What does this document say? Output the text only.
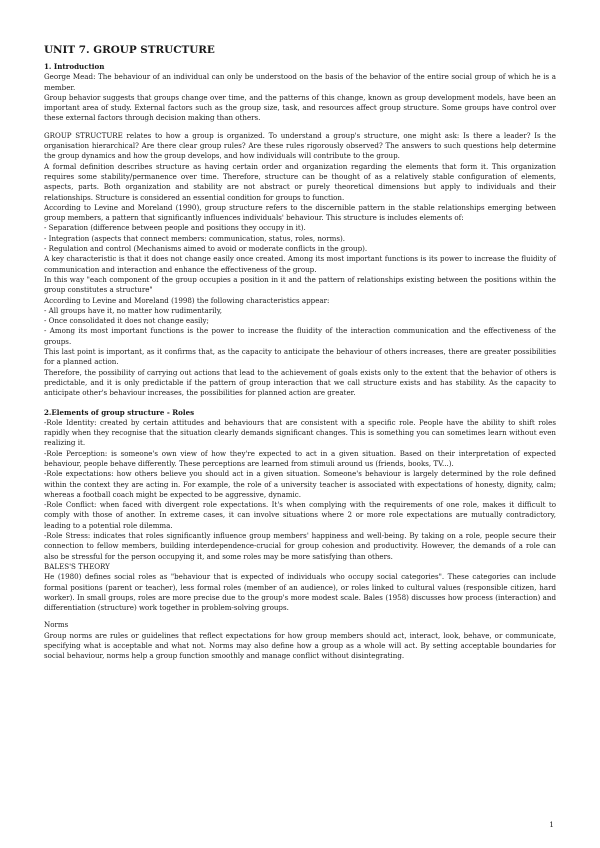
UNIT 7. GROUP STRUCTURE
1. Introduction

George Mead: The behaviour of an individual can only be understood on the basis of the behavior of the entire social group of which he is a member.

Group behavior suggests that groups change over time, and the patterns of this change, known as group development models, have been an important area of study. External factors such as the group size, task, and resources affect group structure. Some groups have control over these external factors through decision making than others.

GROUP STRUCTURE relates to how a group is organized. To understand a group's structure, one might ask: Is there a leader? Is the organisation hierarchical? Are there clear group rules? Are these rules rigorously observed? The answers to such questions help determine the group dynamics and how the group develops, and how individuals will contribute to the group.

A formal definition describes structure as having certain order and organization regarding the elements that form it. This organization requires some stability/permanence over time. Therefore, structure can be thought of as a relatively stable configuration of elements, aspects, parts. Both organization and stability are not abstract or purely theoretical dimensions but apply to individuals and their relationships. Structure is considered an essential condition for groups to function.

According to Levine and Moreland (1990), group structure refers to the discernible pattern in the stable relationships emerging between group members, a pattern that significantly influences individuals' behaviour. This structure is includes elements of:

- Separation (difference between people and positions they occupy in it).

- Integration (aspects that connect members: communication, status, roles, norms).

- Regulation and control (Mechanisms aimed to avoid or moderate conflicts in the group).

A key characteristic is that it does not change easily once created. Among its most important functions is its power to increase the fluidity of communication and interaction and enhance the effectiveness of the group.

In this way "each component of the group occupies a position in it and the pattern of relationships existing between the positions within the group constitutes a structure"

According to Levine and Moreland (1998) the following characteristics appear:

- All groups have it, no matter how rudimentarily,

- Once consolidated it does not change easily;

- Among its most important functions is the power to increase the fluidity of the interaction communication and the effectiveness of the groups.

This last point is important, as it confirms that, as the capacity to anticipate the behaviour of others increases, there are greater possibilities for a planned action.

Therefore, the possibility of carrying out actions that lead to the achievement of goals exists only to the extent that the behavior of others is predictable, and it is only predictable if the pattern of group interaction that we call structure exists and has stability. As the capacity to anticipate other's behaviour increases, the possibilities for planned action are greater.

2.Elements of group structure - Roles

-Role Identity: created by certain attitudes and behaviours that are consistent with a specific role. People have the ability to shift roles rapidly when they recognise that the situation clearly demands significant changes. This is something you can sometimes learn without even realizing it.

-Role Perception: is someone's own view of how they're expected to act in a given situation. Based on their interpretation of expected behaviour, people behave differently. These perceptions are learned from stimuli around us (friends, books, TV...).

-Role expectations: how others believe you should act in a given situation. Someone's behaviour is largely determined by the role defined within the context they are acting in. For example, the role of a university teacher is associated with expectations of honesty, dignity, calm; whereas a football coach might be expected to be aggressive, dynamic.

-Role Conflict: when faced with divergent role expectations. It's when complying with the requirements of one role, makes it difficult to comply with those of another. In extreme cases, it can involve situations where 2 or more role expectations are mutually contradictory, leading to a potential role dilemma.

-Role Stress: indicates that roles significantly influence group members' happiness and well-being. By taking on a role, people secure their connection to fellow members, building interdependence-crucial for group cohesion and productivity. However, the demands of a role can also be stressful for the person occupying it, and some roles may be more satisfying than others.

BALES'S THEORY

He (1980) defines social roles as "behaviour that is expected of individuals who occupy social categories". These categories can include formal positions (parent or teacher), less formal roles (member of an audience), or roles linked to cultural values (responsible citizen, hard worker). In small groups, roles are more precise due to the group's more modest scale. Bales (1958) discusses how process (interaction) and differentiation (structure) work together in problem-solving groups.

Norms

Group norms are rules or guidelines that reflect expectations for how group members should act, interact, look, behave, or communicate, specifying what is acceptable and what not. Norms may also define how a group as a whole will act. By setting acceptable boundaries for social behaviour, norms help a group function smoothly and manage conflict without disintegrating.

1
